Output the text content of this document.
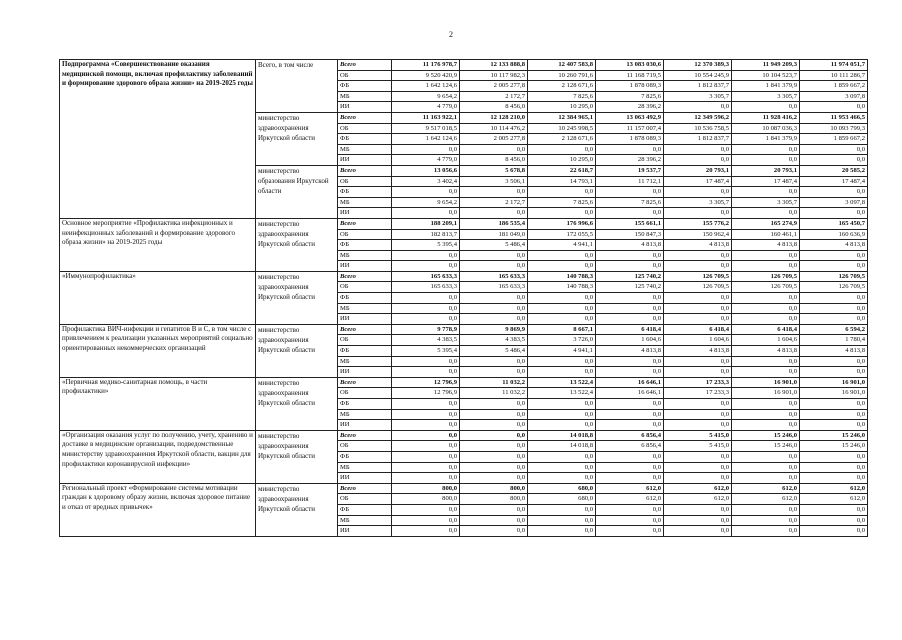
2
Подпрограмма «Совершенствование оказания медицинской помощи, включая профилактику заболеваний и формирование здорового образа жизни» на 2019-2025 годы	Всего, в том числе	Всего	11 176 978,7	12 133 888,8	12 407 583,8	13 083 030,6	12 370 389,3	11 949 209,3	11 974 051,7
		ОБ	9 520 420,9	10 117 982,3	10 260 791,6	11 168 719,5	10 554 245,9	10 104 523,7	10 111 286,7
		ФБ	1 642 124,6	2 005 277,8	2 128 671,6	1 878 089,3	1 812 837,7	1 841 379,9	1 859 667,2
		МБ	9 654,2	2 172,7	7 825,6	7 825,6	3 305,7	3 305,7	3 097,8
		ИИ	4 779,0	8 456,0	10 295,0	28 396,2	0,0	0,0	0,0
	министерство здравоохранения Иркутской области	Всего	11 163 922,1	12 128 210,0	12 384 965,1	13 063 492,9	12 349 596,2	11 928 416,2	11 953 466,5
		ОБ	9 517 018,5	10 114 476,2	10 245 998,5	11 157 007,4	10 536 758,5	10 087 036,3	10 093 799,3
		ФБ	1 642 124,6	2 005 277,8	2 128 671,6	1 878 089,3	1 812 837,7	1 841 379,9	1 859 667,2
		МБ	0,0	0,0	0,0	0,0	0,0	0,0	0,0
		ИИ	4 779,0	8 456,0	10 295,0	28 396,2	0,0	0,0	0,0
	министерство образования Иркутской области	Всего	13 056,6	5 678,8	22 618,7	19 537,7	20 793,1	20 793,1	20 585,2
		ОБ	3 402,4	3 506,1	14 793,1	11 712,1	17 487,4	17 487,4	17 487,4
		ФБ	0,0	0,0	0,0	0,0	0,0	0,0	0,0
		МБ	9 654,2	2 172,7	7 825,6	7 825,6	3 305,7	3 305,7	3 097,8
		ИИ	0,0	0,0	0,0	0,0	0,0	0,0	0,0
Основное мероприятие «Профилактика инфекционных и неинфекционных заболеваний и формирование здорового образа жизни» на 2019-2025 годы	министерство здравоохранения Иркутской области	Всего	188 209,1	186 535,4	176 996,6	155 661,1	155 776,2	165 274,9	165 450,7
		ОБ	182 813,7	181 049,0	172 055,5	150 847,3	150 962,4	160 461,1	160 636,9
		ФБ	5 395,4	5 486,4	4 941,1	4 813,8	4 813,8	4 813,8	4 813,8
		МБ	0,0	0,0	0,0	0,0	0,0	0,0	0,0
		ИИ	0,0	0,0	0,0	0,0	0,0	0,0	0,0
«Иммунопрофилактика»	министерство здравоохранения Иркутской области	Всего	165 633,3	165 633,3	140 788,3	125 740,2	126 709,5	126 709,5	126 709,5
		ОБ	165 633,3	165 633,3	140 788,3	125 740,2	126 709,5	126 709,5	126 709,5
		ФБ	0,0	0,0	0,0	0,0	0,0	0,0	0,0
		МБ	0,0	0,0	0,0	0,0	0,0	0,0	0,0
		ИИ	0,0	0,0	0,0	0,0	0,0	0,0	0,0
Профилактика ВИЧ-инфекции и гепатитов В и С, в том числе с привлечением к реализации указанных мероприятий социально ориентированных некоммерческих организаций	министерство здравоохранения Иркутской области	Всего	9 778,9	9 869,9	8 667,1	6 418,4	6 418,4	6 418,4	6 594,2
		ОБ	4 383,5	4 383,5	3 726,0	1 604,6	1 604,6	1 604,6	1 780,4
		ФБ	5 395,4	5 486,4	4 941,1	4 813,8	4 813,8	4 813,8	4 813,8
		МБ	0,0	0,0	0,0	0,0	0,0	0,0	0,0
		ИИ	0,0	0,0	0,0	0,0	0,0	0,0	0,0
«Первичная медико-санитарная помощь, в части профилактики»	министерство здравоохранения Иркутской области	Всего	12 796,9	11 032,2	13 522,4	16 646,1	17 233,3	16 901,0	16 901,0
		ОБ	12 796,9	11 032,2	13 522,4	16 646,1	17 233,3	16 901,0	16 901,0
		ФБ	0,0	0,0	0,0	0,0	0,0	0,0	0,0
		МБ	0,0	0,0	0,0	0,0	0,0	0,0	0,0
		ИИ	0,0	0,0	0,0	0,0	0,0	0,0	0,0
«Организация оказания услуг по получению, учету, хранению и доставке в медицинские организации, подведомственные министерству здравоохранения Иркутской области, вакцин для профилактики коронавирусной инфекции»	министерство здравоохранения Иркутской области	Всего	0,0	0,0	14 018,8	6 856,4	5 415,0	15 246,0	15 246,0
		ОБ	0,0	0,0	14 018,8	6 856,4	5 415,0	15 246,0	15 246,0
		ФБ	0,0	0,0	0,0	0,0	0,0	0,0	0,0
		МБ	0,0	0,0	0,0	0,0	0,0	0,0	0,0
		ИИ	0,0	0,0	0,0	0,0	0,0	0,0	0,0
Региональный проект «Формирование системы мотивации граждан к здоровому образу жизни, включая здоровое питание и отказ от вредных привычек»	министерство здравоохранения Иркутской области	Всего	800,0	800,0	680,0	612,0	612,0	612,0	612,0
		ОБ	800,0	800,0	680,0	612,0	612,0	612,0	612,0
		ФБ	0,0	0,0	0,0	0,0	0,0	0,0	0,0
		МБ	0,0	0,0	0,0	0,0	0,0	0,0	0,0
		ИИ	0,0	0,0	0,0	0,0	0,0	0,0	0,0
